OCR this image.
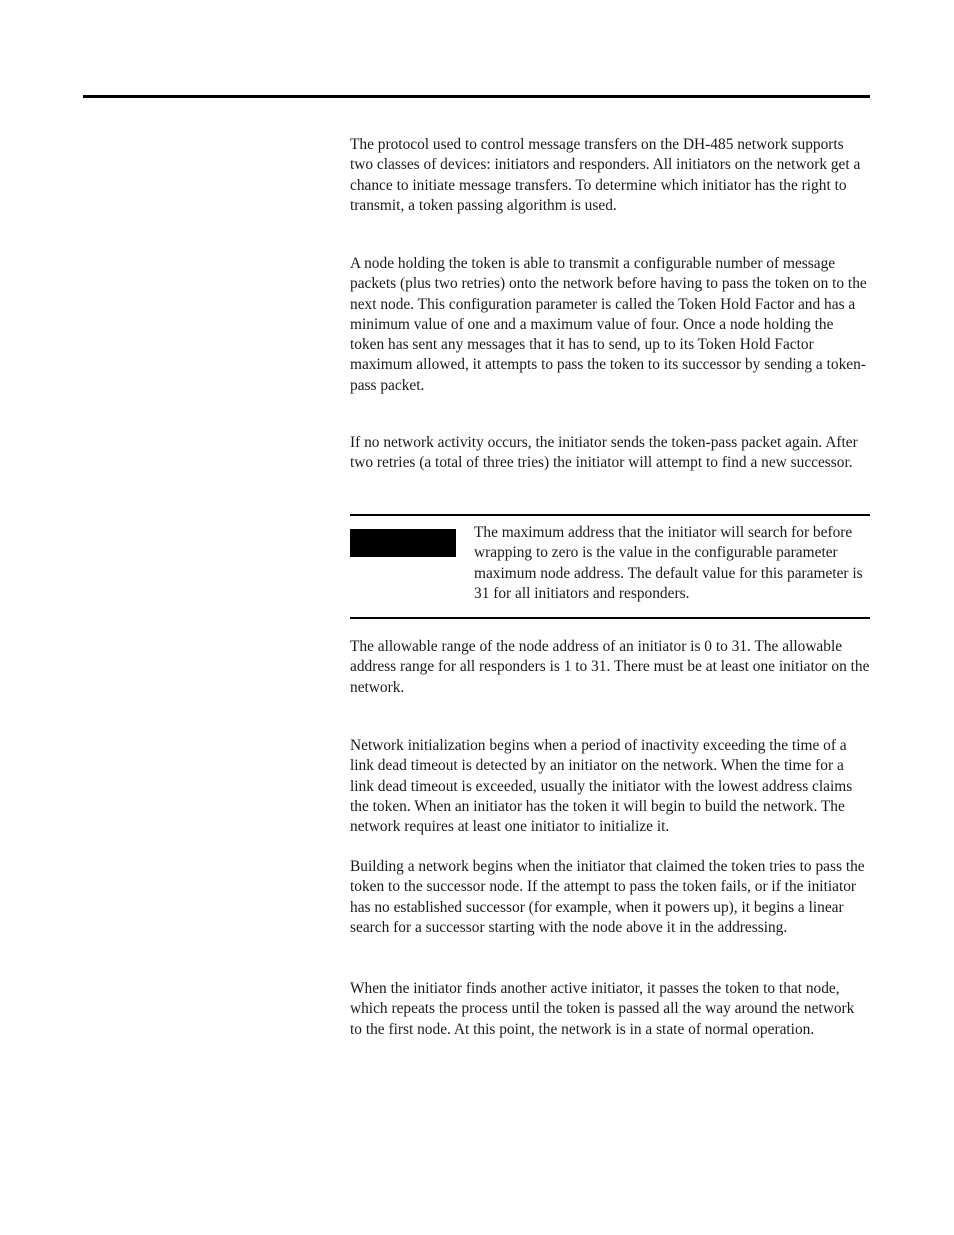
The protocol used to control message transfers on the DH-485 network supports two classes of devices: initiators and responders. All initiators on the network get a chance to initiate message transfers. To determine which initiator has the right to transmit, a token passing algorithm is used.

A node holding the token is able to transmit a configurable number of message packets (plus two retries) onto the network before having to pass the token on to the next node. This configuration parameter is called the Token Hold Factor and has a minimum value of one and a maximum value of four. Once a node holding the token has sent any messages that it has to send, up to its Token Hold Factor maximum allowed, it attempts to pass the token to its successor by sending a token-pass packet.

If no network activity occurs, the initiator sends the token-pass packet again. After two retries (a total of three tries) the initiator will attempt to find a new successor.

The maximum address that the initiator will search for before wrapping to zero is the value in the configurable parameter maximum node address. The default value for this parameter is 31 for all initiators and responders.

The allowable range of the node address of an initiator is 0 to 31. The allowable address range for all responders is 1 to 31. There must be at least one initiator on the network.

Network initialization begins when a period of inactivity exceeding the time of a link dead timeout is detected by an initiator on the network. When the time for a link dead timeout is exceeded, usually the initiator with the lowest address claims the token. When an initiator has the token it will begin to build the network. The network requires at least one initiator to initialize it.

Building a network begins when the initiator that claimed the token tries to pass the token to the successor node. If the attempt to pass the token fails, or if the initiator has no established successor (for example, when it powers up), it begins a linear search for a successor starting with the node above it in the addressing.

When the initiator finds another active initiator, it passes the token to that node, which repeats the process until the token is passed all the way around the network to the first node. At this point, the network is in a state of normal operation.
